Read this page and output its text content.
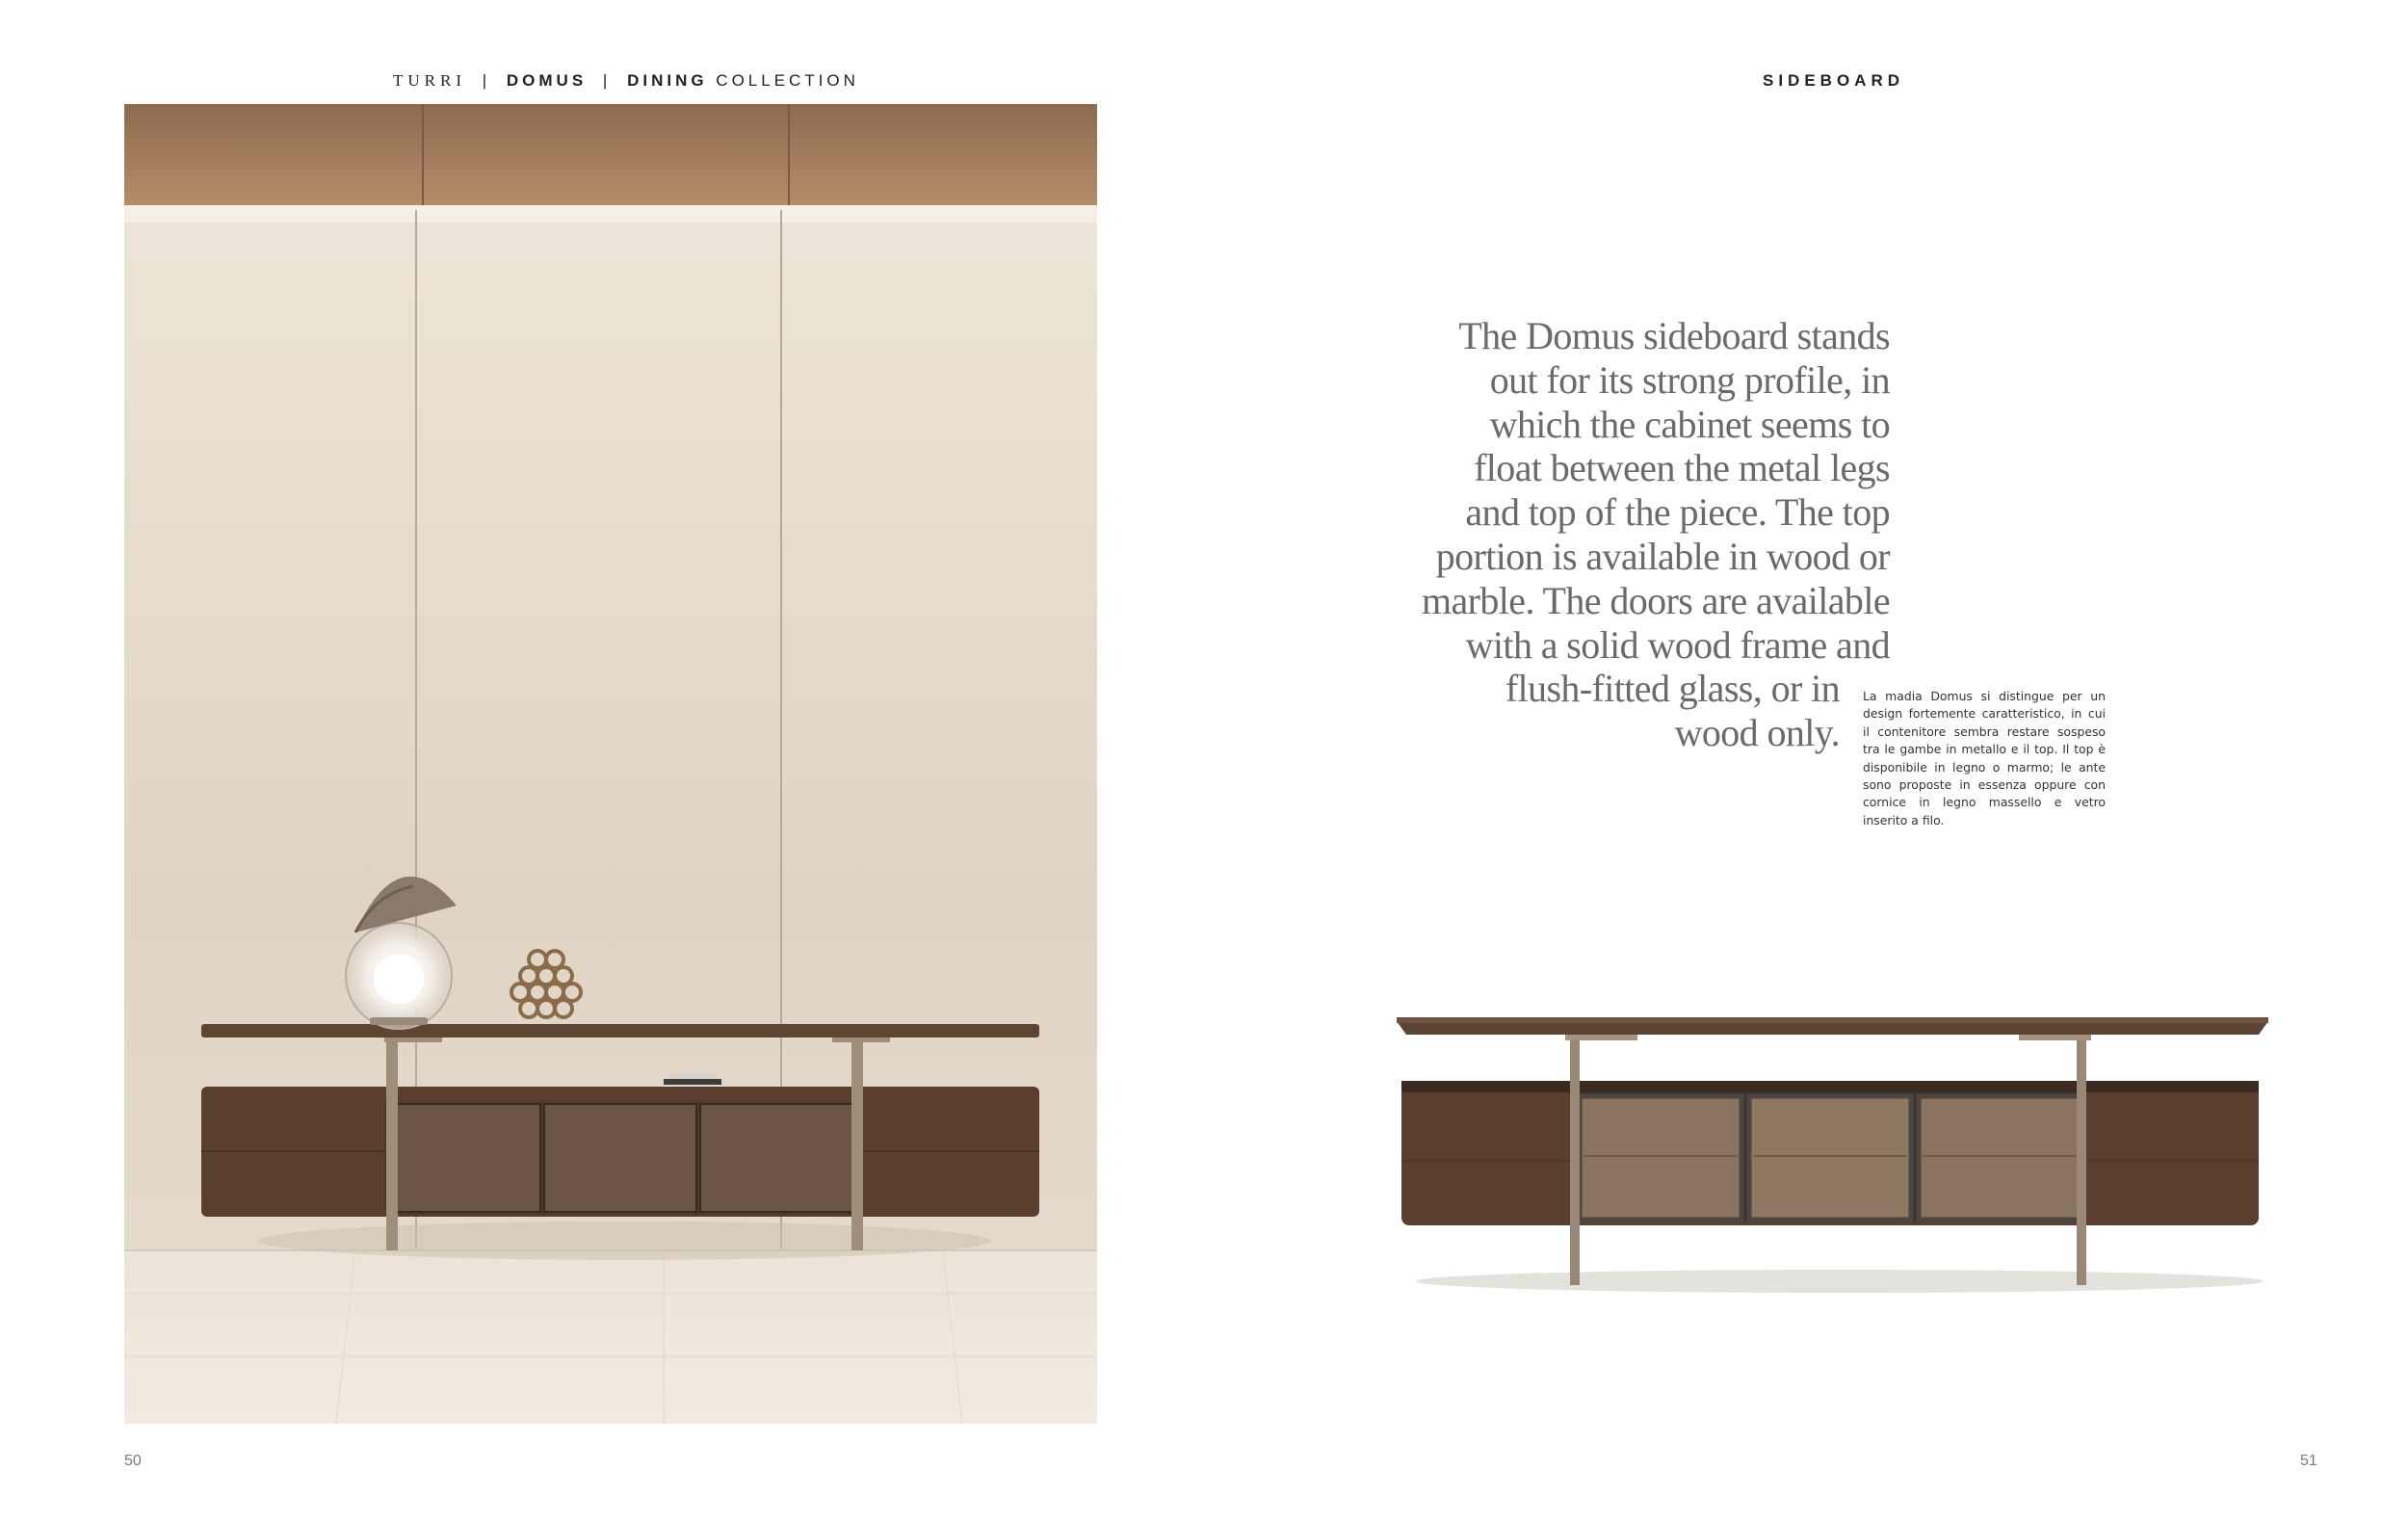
TURRI | DOMUS | DINING COLLECTION	SIDEBOARD
The Domus sideboard stands
out for its strong profile, in
which the cabinet seems to
float between the metal legs
and top of the piece. The top
portion is available in wood or
marble. The doors are available
with a solid wood frame and
flush-fitted glass, or in
wood only.
La madia Domus si distingue per un design fortemente caratteristico, in cui il contenitore sembra restare sospeso tra le gambe in metallo e il top. Il top è disponibile in legno o marmo; le ante sono proposte in essenza oppure con cornice in legno massello e vetro inserito a filo.
50	51
